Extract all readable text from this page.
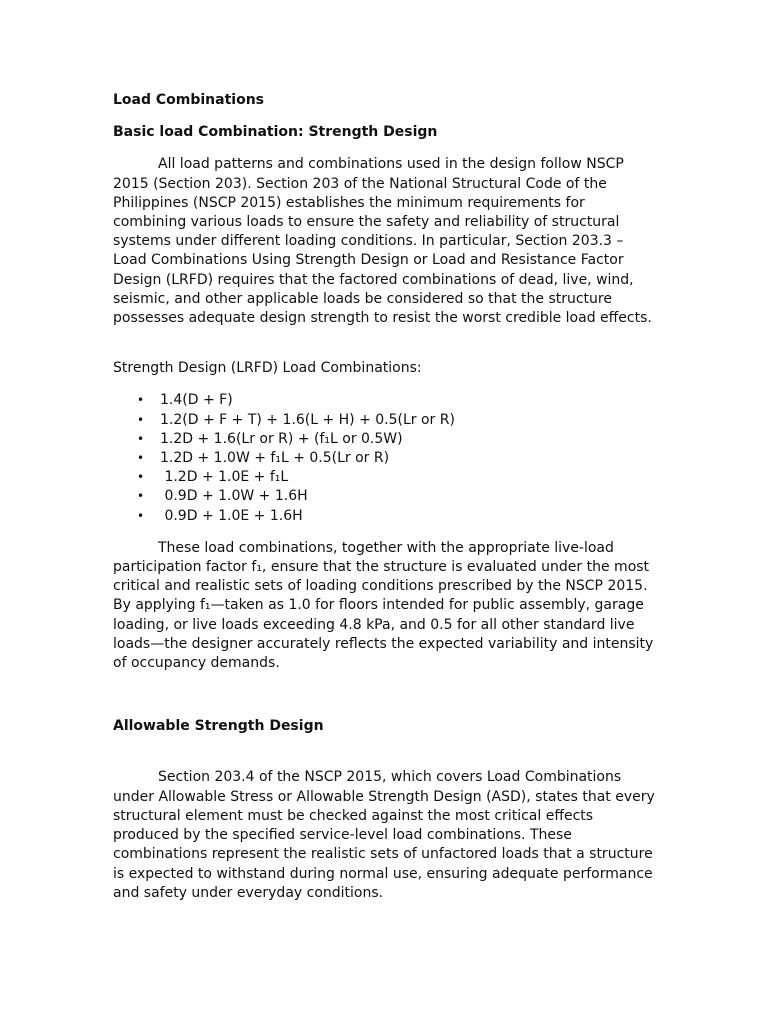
Load Combinations

Basic load Combination: Strength Design

All load patterns and combinations used in the design follow NSCP 2015 (Section 203). Section 203 of the National Structural Code of the Philippines (NSCP 2015) establishes the minimum requirements for combining various loads to ensure the safety and reliability of structural systems under different loading conditions. In particular, Section 203.3 – Load Combinations Using Strength Design or Load and Resistance Factor Design (LRFD) requires that the factored combinations of dead, live, wind, seismic, and other applicable loads be considered so that the structure possesses adequate design strength to resist the worst credible load effects.

Strength Design (LRFD) Load Combinations:

• 1.4(D + F)
• 1.2(D + F + T) + 1.6(L + H) + 0.5(Lr or R)
• 1.2D + 1.6(Lr or R) + (f₁L or 0.5W)
• 1.2D + 1.0W + f₁L + 0.5(Lr or R)
• 1.2D + 1.0E + f₁L
• 0.9D + 1.0W + 1.6H
• 0.9D + 1.0E + 1.6H

These load combinations, together with the appropriate live-load participation factor f₁, ensure that the structure is evaluated under the most critical and realistic sets of loading conditions prescribed by the NSCP 2015. By applying f₁—taken as 1.0 for floors intended for public assembly, garage loading, or live loads exceeding 4.8 kPa, and 0.5 for all other standard live loads—the designer accurately reflects the expected variability and intensity of occupancy demands.

Allowable Strength Design

Section 203.4 of the NSCP 2015, which covers Load Combinations under Allowable Stress or Allowable Strength Design (ASD), states that every structural element must be checked against the most critical effects produced by the specified service-level load combinations. These combinations represent the realistic sets of unfactored loads that a structure is expected to withstand during normal use, ensuring adequate performance and safety under everyday conditions.
